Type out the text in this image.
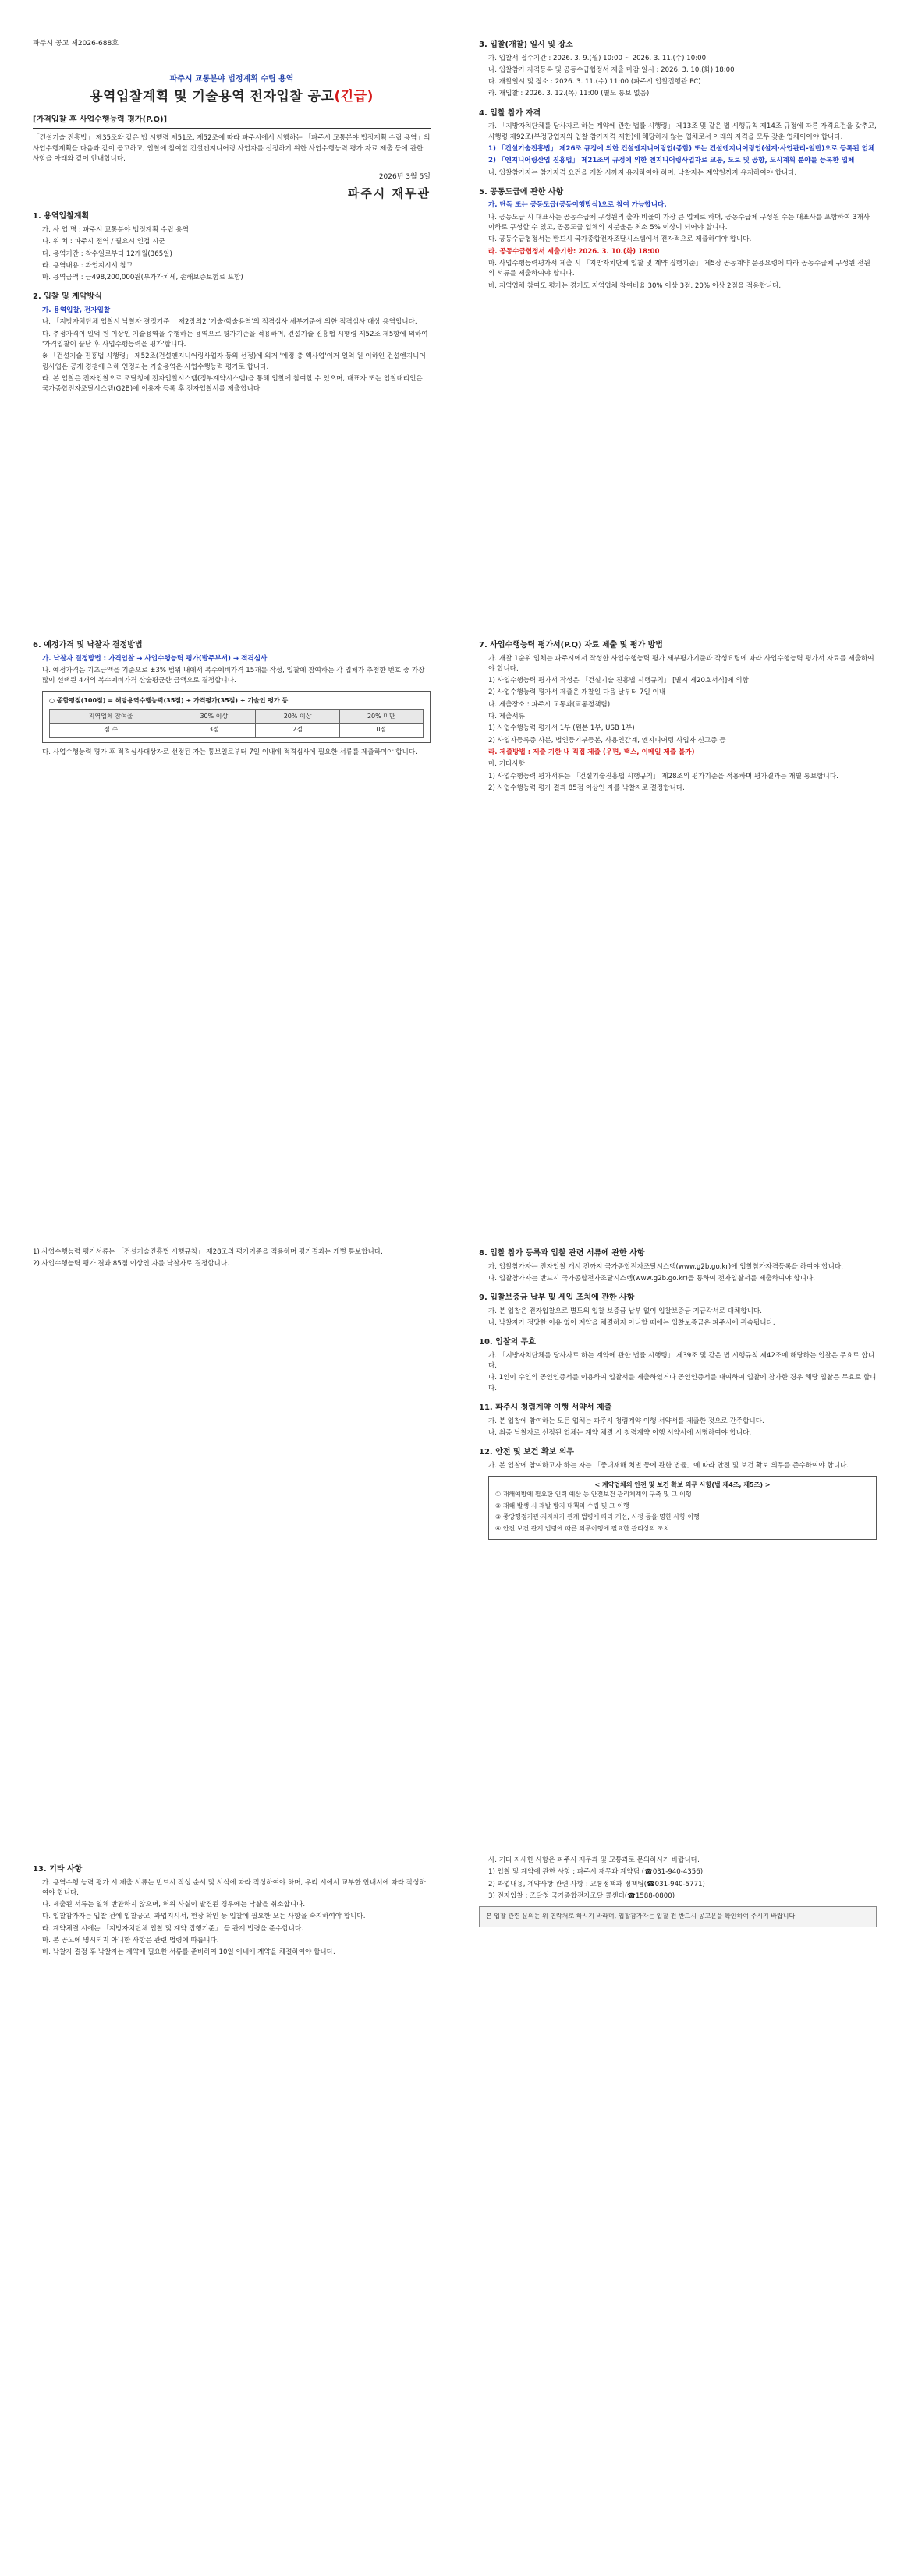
파주시 공고 제2026-688호
파주시 교통분야 법정계획 수립 용역
용역입찰계획 및 기술용역 전자입찰 공고(긴급)
[가격입찰 후 사업수행능력 평가(P.Q)]

「건설기술 진흥법」 제35조와 같은 법 시행령 제51조, 제52조에 따라 파주시에서 시행하는 「파주시 교통분야 법정계획 수립 용역」의 사업수행계획을 다음과 같이 공고하고, 입찰에 참여할 건설엔지니어링 사업자를 선정하기 위한 사업수행능력 평가 자료 제출 등에 관한 사항을 아래와 같이 안내합니다.

2026년 3월 5일
파주시 재무관
1. 용역입찰계획

가. 사 업 명 : 파주시 교통분야 법정계획 수립 용역

나. 위 치 : 파주시 전역 / 필요시 인접 시군

다. 용역기간 : 착수일로부터 12개월(365일)

라. 용역내용 : 과업지시서 참고

마. 용역금액 : 금498,200,000원(부가가치세, 손해보증보험료 포함)

2. 입찰 및 계약방식

가. 용역입찰, 전자입찰

나. 「지방자치단체 입찰시 낙찰자 결정기준」 제2장의2 '기술·학술용역'의 적격심사 세부기준에 의한 적격심사 대상 용역입니다.

다. 추정가격이 일억 원 이상인 기술용역을 수행하는 용역으로 평가기준을 적용하며, 건설기술 진흥법 시행령 제52조 제5항에 의하여 '가격입찰이 끝난 후 사업수행능력을 평가'합니다.

※ 「건설기술 진흥법 시행령」 제52조(건설엔지니어링사업자 등의 선정)에 의거 '예정 총 액사업'이거 일억 원 이하인 건설엔지니어링사업은 공개 경쟁에 의해 인정되는 기술용역은 사업수행능력 평가로 합니다.

라. 본 입찰은 전자입찰으로 조달청에 전자입찰시스템(정부계약시스템)을 통해 입찰에 참여할 수 있으며, 대표자 또는 입찰대리인은 국가종합전자조달시스템(G2B)에 이용자 등록 후 전자입찰서를 제출합니다.

3. 입찰(개찰) 일시 및 장소

가. 입찰서 접수기간 : 2026. 3. 9.(월) 10:00 ~ 2026. 3. 11.(수) 10:00

나. 입찰참가 자격등록 및 공동수급협정서 제출 마감 일시 : 2026. 3. 10.(화) 18:00

다. 개찰일시 및 장소 : 2026. 3. 11.(수) 11:00 (파주시 입찰집행관 PC)

라. 재입찰 : 2026. 3. 12.(목) 11:00 (별도 통보 없음)

4. 입찰 참가 자격

가. 「지방자치단체를 당사자로 하는 계약에 관한 법률 시행령」 제13조 및 같은 법 시행규칙 제14조 규정에 따른 자격요건을 갖추고, 시행령 제92조(부정당업자의 입찰 참가자격 제한)에 해당하지 않는 업체로서 아래의 자격을 모두 갖춘 업체이어야 합니다.

1) 「건설기술진흥법」 제26조 규정에 의한 건설엔지니어링업(종합) 또는 건설엔지니어링업(설계·사업관리-일반)으로 등록된 업체

2) 「엔지니어링산업 진흥법」 제21조의 규정에 의한 엔지니어링사업자로 교통, 도로 및 공항, 도시계획 분야를 등록한 업체

나. 입찰참가자는 참가자격 요건을 개찰 시까지 유지하여야 하며, 낙찰자는 계약일까지 유지하여야 합니다.

5. 공동도급에 관한 사항

가. 단독 또는 공동도급(공동이행방식)으로 참여 가능합니다.

나. 공동도급 시 대표사는 공동수급체 구성원의 출자 비율이 가장 큰 업체로 하며, 공동수급체 구성원 수는 대표사를 포함하여 3개사 이하로 구성할 수 있고, 공동도급 업체의 지분율은 최소 5% 이상이 되어야 합니다.

다. 공동수급협정서는 반드시 국가종합전자조달시스템에서 전자적으로 제출하여야 합니다.

라. 공동수급협정서 제출기한: 2026. 3. 10.(화) 18:00

마. 사업수행능력평가서 제출 시 「지방자치단체 입찰 및 계약 집행기준」 제5장 공동계약 운용요령에 따라 공동수급체 구성원 전원의 서류를 제출하여야 합니다.

바. 지역업체 참여도 평가는 경기도 지역업체 참여비율 30% 이상 3점, 20% 이상 2점을 적용합니다.

6. 예정가격 및 낙찰자 결정방법

가. 낙찰자 결정방법 : 가격입찰 → 사업수행능력 평가(발주부서) → 적격심사

나. 예정가격은 기초금액을 기준으로 ±3% 범위 내에서 복수예비가격 15개를 작성, 입찰에 참여하는 각 업체가 추첨한 번호 중 가장 많이 선택된 4개의 복수예비가격 산술평균한 금액으로 결정합니다.

○ 종합평점(100점) = 해당용역수행능력(35점) + 가격평가(35점) + 기술인 평가 등
지역업체 참여율	30% 이상	20% 이상	20% 미만
점 수	3점	2점	0점

다. 사업수행능력 평가 후 적격심사대상자로 선정된 자는 통보일로부터 7일 이내에 적격심사에 필요한 서류를 제출하여야 합니다.

7. 사업수행능력 평가서(P.Q) 자료 제출 및 평가 방법

가. 개찰 1순위 업체는 파주시에서 작성한 사업수행능력 평가 세부평가기준과 작성요령에 따라 사업수행능력 평가서 자료를 제출하여야 합니다.

1) 사업수행능력 평가서 작성은 「건설기술 진흥법 시행규칙」 [별지 제20호서식]에 의함

2) 사업수행능력 평가서 제출은 개찰일 다음 날부터 7일 이내

나. 제출장소 : 파주시 교통과(교통정책팀)

다. 제출서류

1) 사업수행능력 평가서 1부 (원본 1부, USB 1부)

2) 사업자등록증 사본, 법인등기부등본, 사용인감계, 엔지니어링 사업자 신고증 등

라. 제출방법 : 제출 기한 내 직접 제출 (우편, 팩스, 이메일 제출 불가)

마. 기타사항

1) 사업수행능력 평가서류는 「건설기술진흥법 시행규칙」 제28조의 평가기준을 적용하며 평가결과는 개별 통보합니다.

2) 사업수행능력 평가 결과 85점 이상인 자를 낙찰자로 결정합니다.

1) 사업수행능력 평가서류는 「건설기술진흥법 시행규칙」 제28조의 평가기준을 적용하며 평가결과는 개별 통보합니다.

2) 사업수행능력 평가 결과 85점 이상인 자를 낙찰자로 결정합니다.

8. 입찰 참가 등록과 입찰 관련 서류에 관한 사항

가. 입찰참가자는 전자입찰 개시 전까지 국가종합전자조달시스템(www.g2b.go.kr)에 입찰참가자격등록을 하여야 합니다.

나. 입찰참가자는 반드시 국가종합전자조달시스템(www.g2b.go.kr)을 통하여 전자입찰서를 제출하여야 합니다.

9. 입찰보증금 납부 및 세입 조치에 관한 사항

가. 본 입찰은 전자입찰으로 별도의 입찰 보증금 납부 없이 입찰보증금 지급각서로 대체합니다.

나. 낙찰자가 정당한 이유 없이 계약을 체결하지 아니할 때에는 입찰보증금은 파주시에 귀속됩니다.

10. 입찰의 무효

가. 「지방자치단체를 당사자로 하는 계약에 관한 법률 시행령」 제39조 및 같은 법 시행규칙 제42조에 해당하는 입찰은 무효로 합니다.

나. 1인이 수인의 공인인증서를 이용하여 입찰서를 제출하였거나 공인인증서를 대여하여 입찰에 참가한 경우 해당 입찰은 무효로 합니다.

11. 파주시 청렴계약 이행 서약서 제출

가. 본 입찰에 참여하는 모든 업체는 파주시 청렴계약 이행 서약서를 제출한 것으로 간주합니다.

나. 최종 낙찰자로 선정된 업체는 계약 체결 시 청렴계약 이행 서약서에 서명하여야 합니다.

12. 안전 및 보건 확보 의무

가. 본 입찰에 참여하고자 하는 자는 「중대재해 처벌 등에 관한 법률」에 따라 안전 및 보건 확보 의무를 준수하여야 합니다.

< 계약업체의 안전 및 보건 확보 의무 사항(법 제4조, 제5조) >

① 재해예방에 필요한 인력 예산 등 안전보건 관리체계의 구축 및 그 이행

② 재해 발생 시 재발 방지 대책의 수립 및 그 이행

③ 중앙행정기관·지자체가 관계 법령에 따라 개선, 시정 등을 명한 사항 이행

④ 안전·보건 관계 법령에 따른 의무이행에 필요한 관리상의 조치

13. 기타 사항

가. 용역수행 능력 평가 시 제출 서류는 반드시 작성 순서 및 서식에 따라 작성하여야 하며, 우리 시에서 교부한 안내서에 따라 작성하여야 합니다.

나. 제출된 서류는 일체 반환하지 않으며, 허위 사실이 발견된 경우에는 낙찰을 취소합니다.

다. 입찰참가자는 입찰 전에 입찰공고, 과업지시서, 현장 확인 등 입찰에 필요한 모든 사항을 숙지하여야 합니다.

라. 계약체결 시에는 「지방자치단체 입찰 및 계약 집행기준」 등 관계 법령을 준수합니다.

마. 본 공고에 명시되지 아니한 사항은 관련 법령에 따릅니다.

바. 낙찰자 결정 후 낙찰자는 계약에 필요한 서류를 준비하여 10일 이내에 계약을 체결하여야 합니다.

사. 기타 자세한 사항은 파주시 재무과 및 교통과로 문의하시기 바랍니다.

1) 입찰 및 계약에 관한 사항 : 파주시 재무과 계약팀 (☎031-940-4356)

2) 과업내용, 계약사항 관련 사항 : 교통정책과 정책팀(☎031-940-5771)

3) 전자입찰 : 조달청 국가종합전자조달 콜센터(☎1588-0800)

본 입찰 관련 문의는 위 연락처로 하시기 바라며, 입찰참가자는 입찰 전 반드시 공고문을 확인하여 주시기 바랍니다.
